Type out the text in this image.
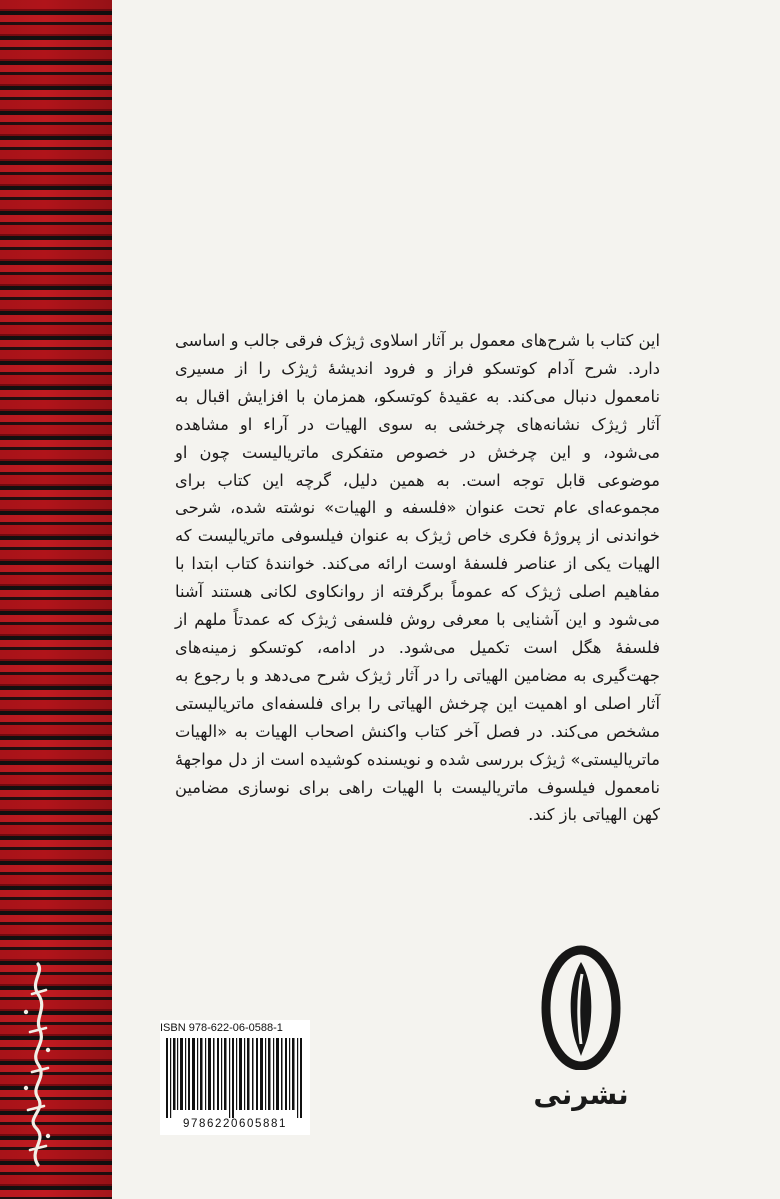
این کتاب با شرح‌های معمول بر آثار اسلاوی ژیژک فرقی جالب و اساسی دارد. شرح آدام کوتسکو فراز و فرود اندیشهٔ ژیژک را از مسیری نامعمول دنبال می‌کند. به عقیدهٔ کوتسکو، همزمان با افزایش اقبال به آثار ژیژک نشانه‌های چرخشی به سوی الهیات در آراء او مشاهده می‌شود، و این چرخش در خصوص متفکری ماتریالیست چون او موضوعی قابل توجه است. به همین دلیل، گرچه این کتاب برای مجموعه‌ای عام تحت عنوان «فلسفه و الهیات» نوشته شده، شرحی خواندنی از پروژهٔ فکری خاص ژیژک به عنوان فیلسوفی ماتریالیست که الهیات یکی از عناصر فلسفهٔ اوست ارائه می‌کند. خوانندهٔ کتاب ابتدا با مفاهیم اصلی ژیژک که عموماً برگرفته از روانکاوی لکانی هستند آشنا می‌شود و این آشنایی با معرفی روش فلسفی ژیژک که عمدتاً ملهم از فلسفهٔ هگل است تکمیل می‌شود. در ادامه، کوتسکو زمینه‌های جهت‌گیری به مضامین الهیاتی را در آثار ژیژک شرح می‌دهد و با رجوع به آثار اصلی او اهمیت این چرخش الهیاتی را برای فلسفه‌ای ماتریالیستی مشخص می‌کند. در فصل آخر کتاب واکنش اصحاب الهیات به «الهیات ماتریالیستی» ژیژک بررسی شده و نویسنده کوشیده است از دل مواجههٔ نامعمول فیلسوف ماتریالیست با الهیات راهی برای نوسازی مضامین کهن الهیاتی باز کند.

ISBN 978-622-06-0588-1
9786220605881
نشرنی
